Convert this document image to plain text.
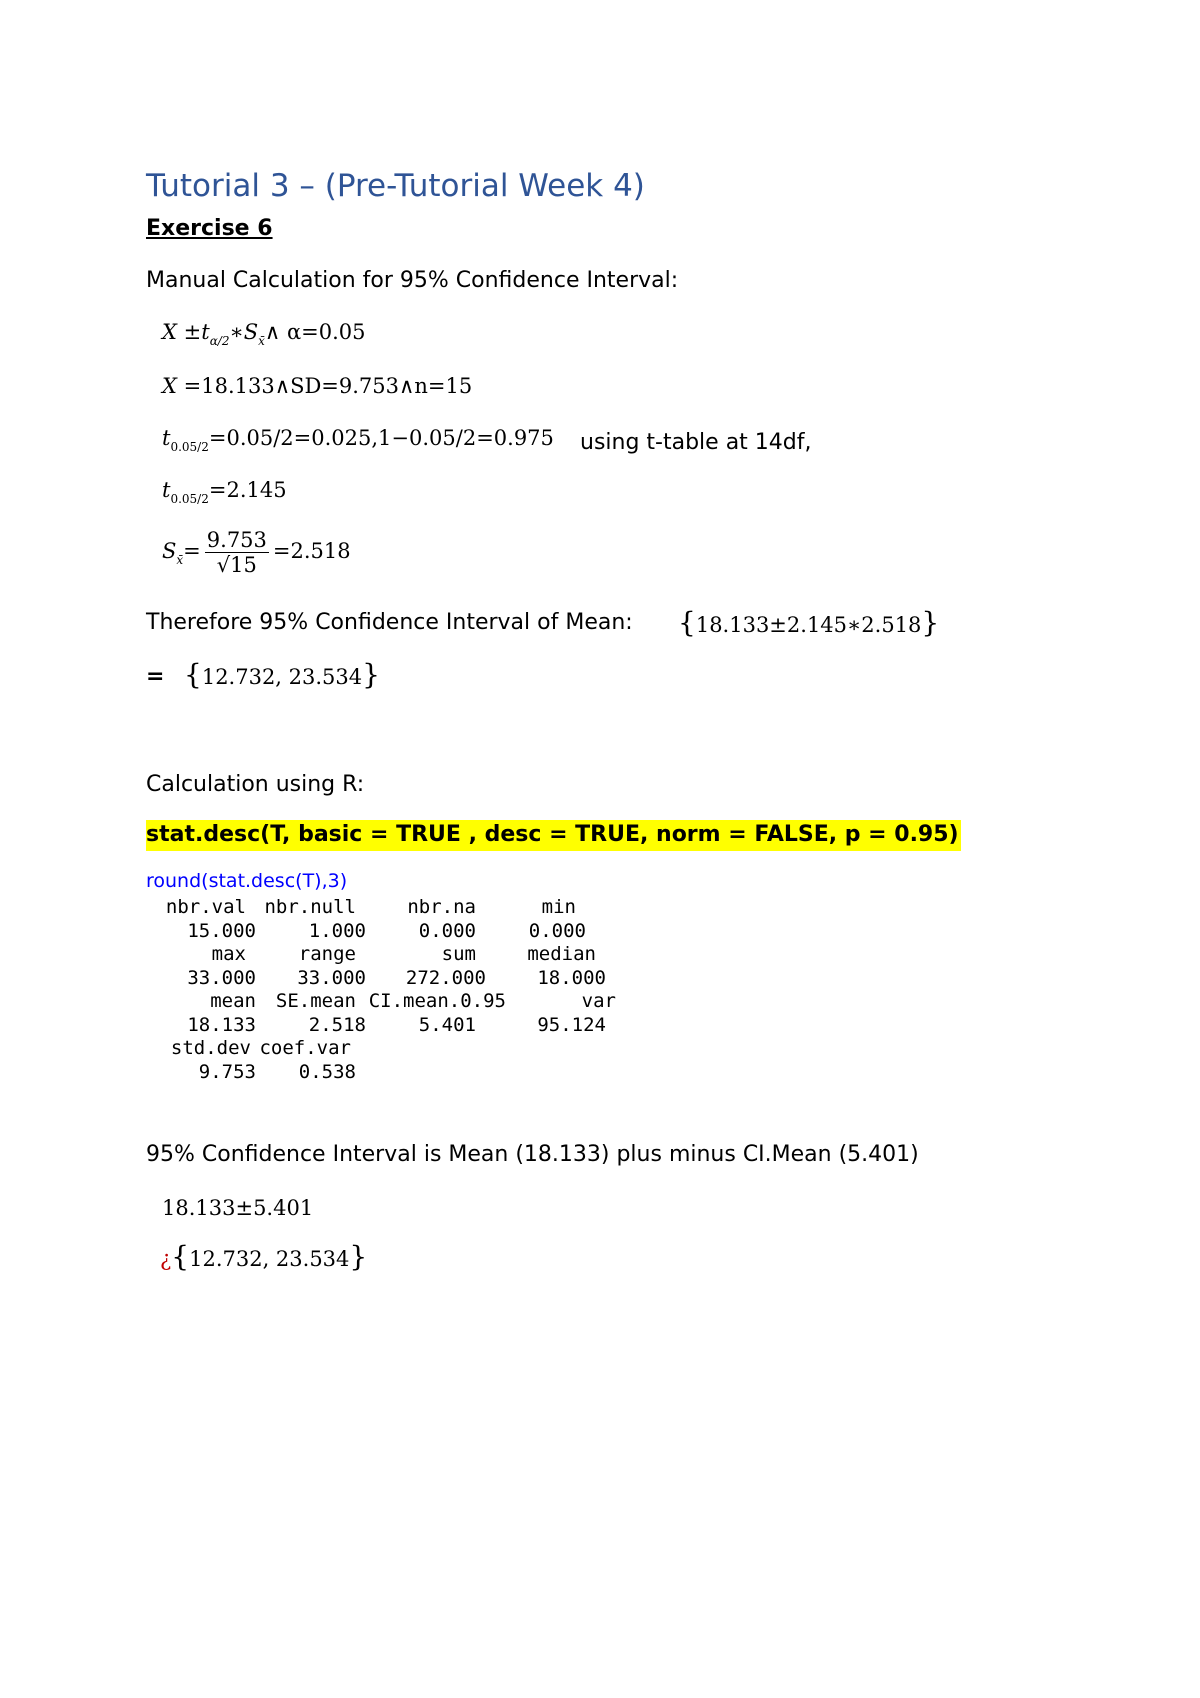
Tutorial 3 – (Pre-Tutorial Week 4)
Exercise 6
Manual Calculation for 95% Confidence Interval:
$X \pm t_{\alpha/2}∗S_{x̄}\wedge$ α=0.05
X =18.133∧SD=9.753∧n=15
$t_{0.05/2}=0.05/2=0.025,1-0.05/2=0.975$ using t-table at 14df,
$t_{0.05/2}=2.145$
$S_{x̄}= \frac{9.753}{√15} =2.518$
Therefore 95% Confidence Interval of Mean: {18.133±2.145∗2.518}
= {12.732, 23.534}
Calculation using R:
stat.desc(T, basic = TRUE , desc = TRUE, norm = FALSE, p = 0.95)
round(stat.desc(T),3)
nbr.val nbr.null	nbr.na	min
15.000	1.000	0.000	0.000
max	range	sum	median
33.000	33.000	272.000	18.000
mean	SE.mean CI.mean.0.95	var
18.133	2.518	5.401	95.124
std.dev coef.var
9.753	0.538
95% Confidence Interval is Mean (18.133) plus minus CI.Mean (5.401)
18.133±5.401
¿{12.732, 23.534}
